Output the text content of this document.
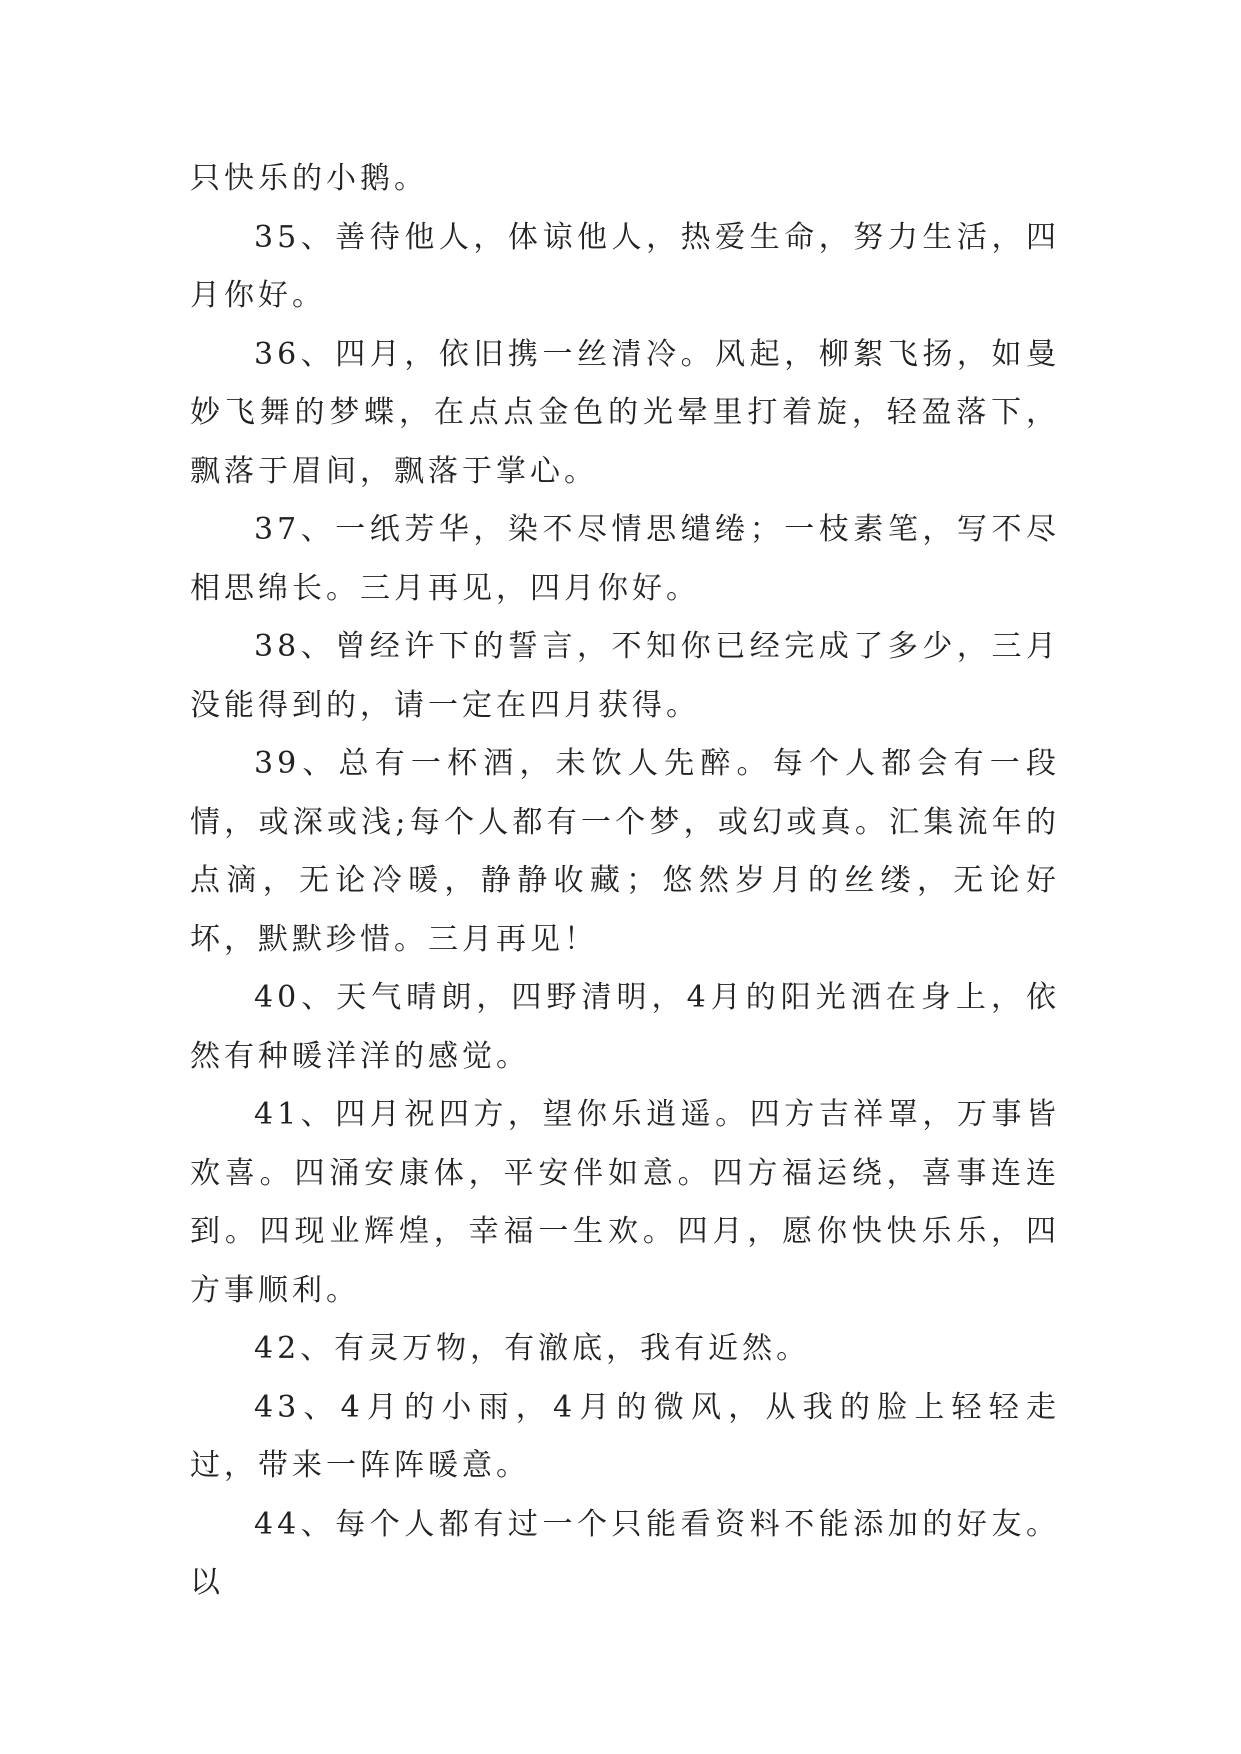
只快乐的小鹅。

35、善待他人，体谅他人，热爱生命，努力生活，四月你好。

36、四月，依旧携一丝清冷。风起，柳絮飞扬，如曼妙飞舞的梦蝶，在点点金色的光晕里打着旋，轻盈落下，飘落于眉间，飘落于掌心。

37、一纸芳华，染不尽情思缱绻；一枝素笔，写不尽相思绵长。三月再见，四月你好。

38、曾经许下的誓言，不知你已经完成了多少，三月没能得到的，请一定在四月获得。

39、总有一杯酒，未饮人先醉。每个人都会有一段情，或深或浅;每个人都有一个梦，或幻或真。汇集流年的点滴，无论冷暖，静静收藏；悠然岁月的丝缕，无论好坏，默默珍惜。三月再见！

40、天气晴朗，四野清明，4月的阳光洒在身上，依然有种暖洋洋的感觉。

41、四月祝四方，望你乐逍遥。四方吉祥罩，万事皆欢喜。四涌安康体，平安伴如意。四方福运绕，喜事连连到。四现业辉煌，幸福一生欢。四月，愿你快快乐乐，四方事顺利。

42、有灵万物，有澈底，我有近然。

43、4月的小雨，4月的微风，从我的脸上轻轻走过，带来一阵阵暖意。

44、每个人都有过一个只能看资料不能添加的好友。以
